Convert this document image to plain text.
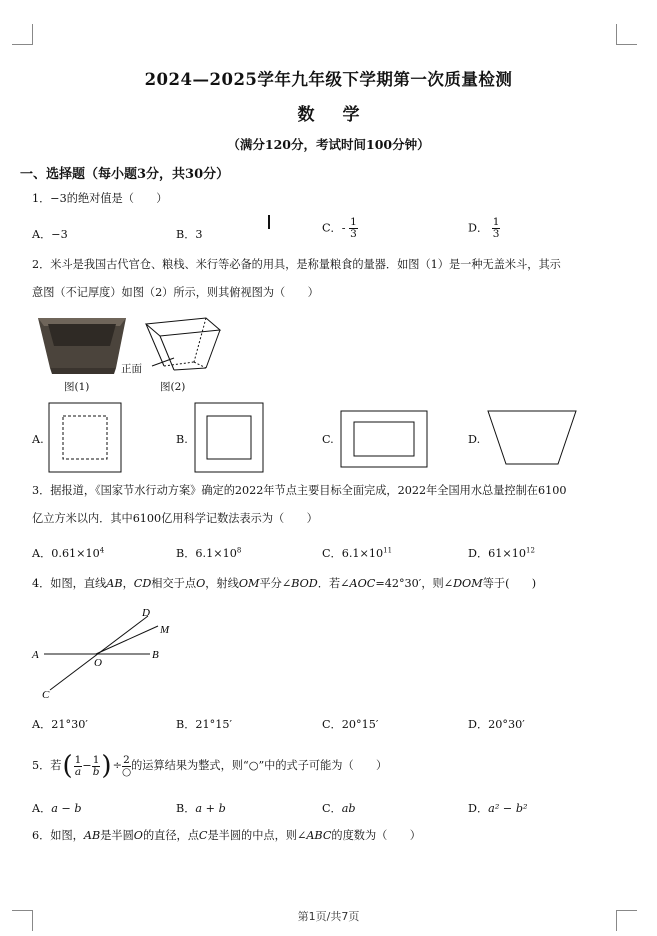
2024—2025学年九年级下学期第一次质量检测
数学
（满分120分，考试时间100分钟）
一、选择题（每小题3分，共30分）
1．−3的绝对值是（　　）
A．−3	B．3	C．- $\frac{1}{3}$	D． $\frac{1}{3}$
2．米斗是我国古代官仓、粮栈、米行等必备的用具，是称量粮食的量器．如图（1）是一种无盖米斗，其示
意图（不记厚度）如图（2）所示，则其俯视图为（　　）
正面
图(1)	图(2)
A.	B.	C.	D.
3．据报道，《国家节水行动方案》确定的2022年节点主要目标全面完成，2022年全国用水总量控制在6100
亿立方米以内．其中6100亿用科学记数法表示为（　　）
A．$0.61\times 10^4$	B．$6.1\times 10^8$	C．$6.1\times 10^{11}$	D．$61\times 10^{12}$
4．如图，直线AB，CD相交于点O，射线OM平分∠BOD．若∠AOC=42°30′，则∠DOM等于(　　)
A	B
C
D
M
O
A．21°30′	B．21°15′	C．20°15′	D．20°30′
5．若 ( $\frac{1}{a} - \frac{1}{b}$ ) ÷ $\frac{2}{○}$ 的运算结果为整式，则“○”中的式子可能为（　　）
A．a − b	B．a + b	C．ab	D．a² − b²
6．如图，AB是半圆O的直径，点C是半圆的中点，则∠ABC的度数为（　　）
第1页/共7页
